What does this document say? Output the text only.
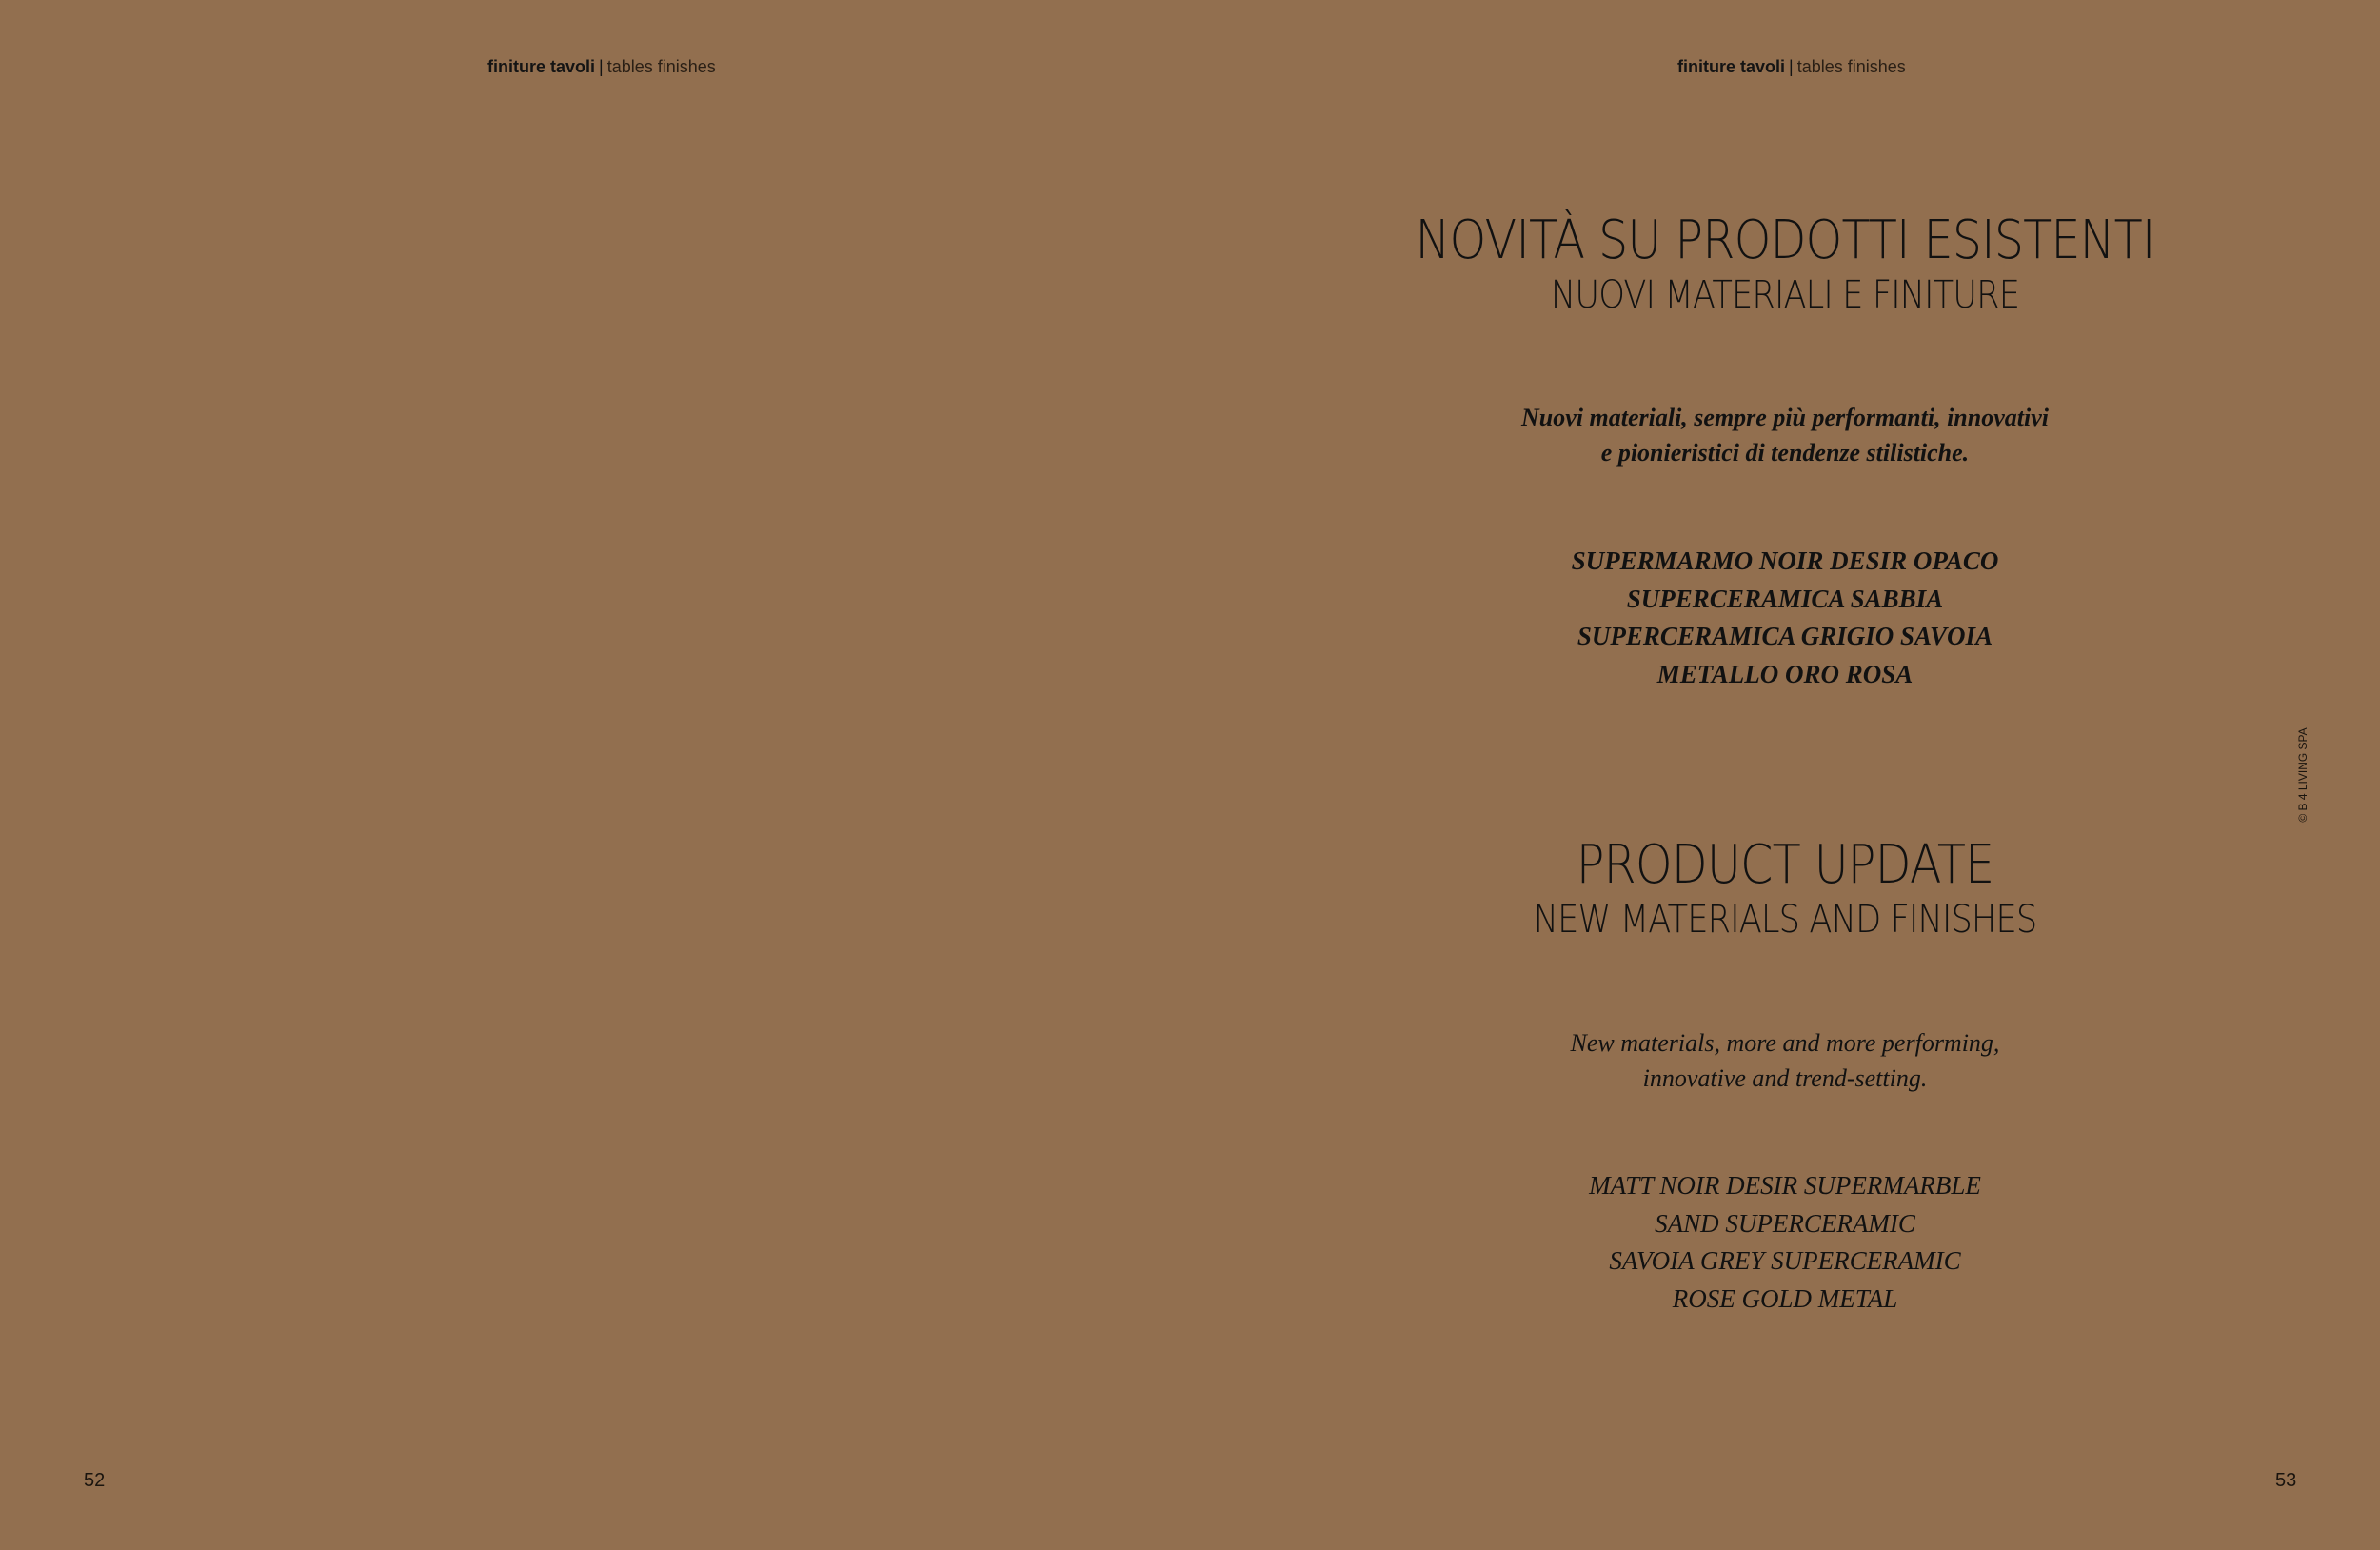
finiture tavoli | tables finishes
52
finiture tavoli | tables finishes
NOVITÀ SU PRODOTTI ESISTENTI
NUOVI MATERIALI E FINITURE
Nuovi materiali, sempre più performanti, innovativi
e pionieristici di tendenze stilistiche.
SUPERMARMO NOIR DESIR OPACO
SUPERCERAMICA SABBIA
SUPERCERAMICA GRIGIO SAVOIA
METALLO ORO ROSA
PRODUCT UPDATE
NEW MATERIALS AND FINISHES
New materials, more and more performing,
innovative and trend-setting.
MATT NOIR DESIR SUPERMARBLE
SAND SUPERCERAMIC
SAVOIA GREY SUPERCERAMIC
ROSE GOLD METAL
© B 4 LIVING SPA
53
